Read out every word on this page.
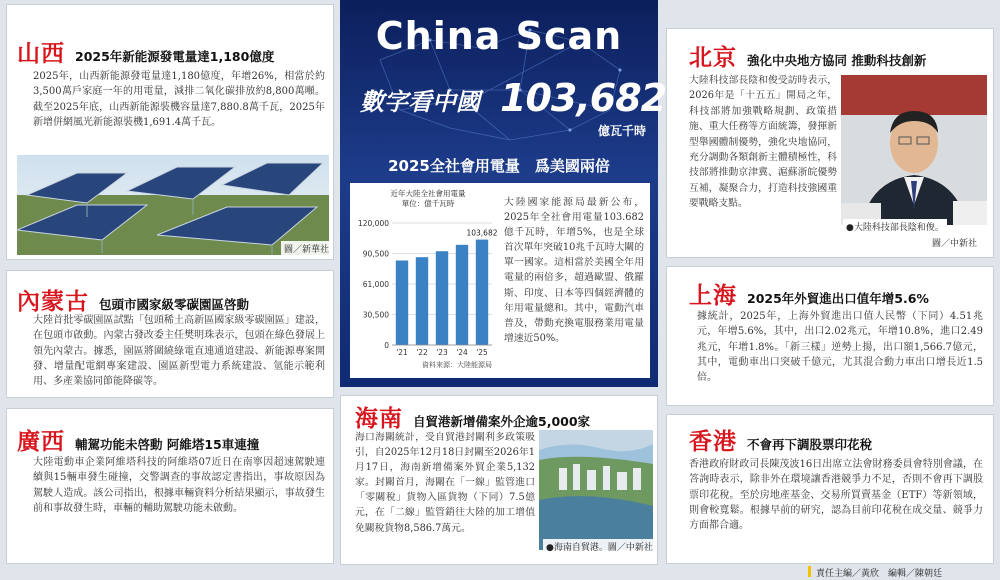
山西 2025年新能源發電量達1,180億度
2025年，山西新能源發電量達1,180億度，年增26%，相當於約3,500萬戶家庭一年的用電量，減排二氧化碳排放約8,800萬噸。截至2025年底，山西新能源裝機容量達7,880.8萬千瓦，2025年新增併網風光新能源裝機1,691.4萬千瓦。
圖／新華社
內蒙古 包頭市國家級零碳園區啓動
大陸首批零碳園區試點「包頭稀土高新區國家級零碳園區」建設，在包頭市啟動。內蒙古發改委主任樊明珠表示，包頭在綠色發展上領先內蒙古。據悉，園區將圍繞綠電直連通道建設、新能源專案開發、增量配電網專案建設、園區新型電力系統建設、氫能示範利用、多產業協同節能降碳等。
廣西 輔駕功能未啓動 阿維塔15車連撞
大陸電動車企業阿維塔科技的阿維塔07近日在南寧因超速駕駛連續與15輛車發生碰撞，交警調查的事故認定書指出，事故原因為駕駛人造成。該公司指出，根據車輛資料分析結果顯示，事故發生前和事故發生時，車輛的輔助駕駛功能未啟動。
China Scan
數字看中國 103,682
億瓦千時
2025全社會用電量　爲美國兩倍
近年大陸全社會用電量
單位：億千瓦時
0
30,500
61,000
90,500
120,000
'21 '22 '23 '24 '25
103,682
資料來源：大陸能源局
大陸國家能源局最新公布，2025年全社會用電量103.682億千瓦時，年增5%，也是全球首次單年突破10兆千瓦時大關的單一國家。這相當於美國全年用電量的兩倍多，超過歐盟、俄羅斯、印度、日本等四個經濟體的年用電量總和。其中，電動汽車普及，帶動充換電服務業用電量增速近50%。
海南 自貿港新增備案外企逾5,000家
海口海關統計，受自貿港封關利多政策吸引，自2025年12月18日封關至2026年1月17日，海南新增備案外貿企業5,132家。封關首月，海關在「一線」監管進口「零關稅」貨物入區貨物（下同）7.5億元，在「二線」監管銷往大陸的加工增值免關稅貨物8,586.7萬元。
●海南自貿港。圖／中新社
北京 強化中央地方協同 推動科技創新
大陸科技部長陰和俊受訪時表示，2026年是「十五五」開局之年，科技部將加強戰略規劃、政策措施、重大任務等方面統籌，發揮新型舉國體制優勢，強化央地協同，充分調動各類創新主體積極性，科技部將推動京津冀、滬蘇浙皖優勢互補，凝聚合力，打造科技強國重要戰略支點。
●大陸科技部長陰和俊。
圖／中新社
上海 2025年外貿進出口值年增5.6%
據統計，2025年，上海外貿進出口值人民幣（下同）4.51兆元，年增5.6%，其中，出口2.02兆元，年增10.8%，進口2.49兆元，年增1.8%。「新三樣」逆勢上揚，出口額1,566.7億元，其中，電動車出口突破千億元，尤其混合動力車出口增長近1.5倍。
香港 不會再下調股票印花稅
香港政府財政司長陳茂波16日出席立法會財務委員會特別會議，在答詢時表示，除非外在環境讓香港競爭力不足，否則不會再下調股票印花稅。至於房地產基金、交易所買賣基金（ETF）等新領域，則會較寬鬆。根據早前的研究，認為目前印花稅在成交量、競爭力方面都合適。
責任主編／黃欣　編輯／陳朝廷
